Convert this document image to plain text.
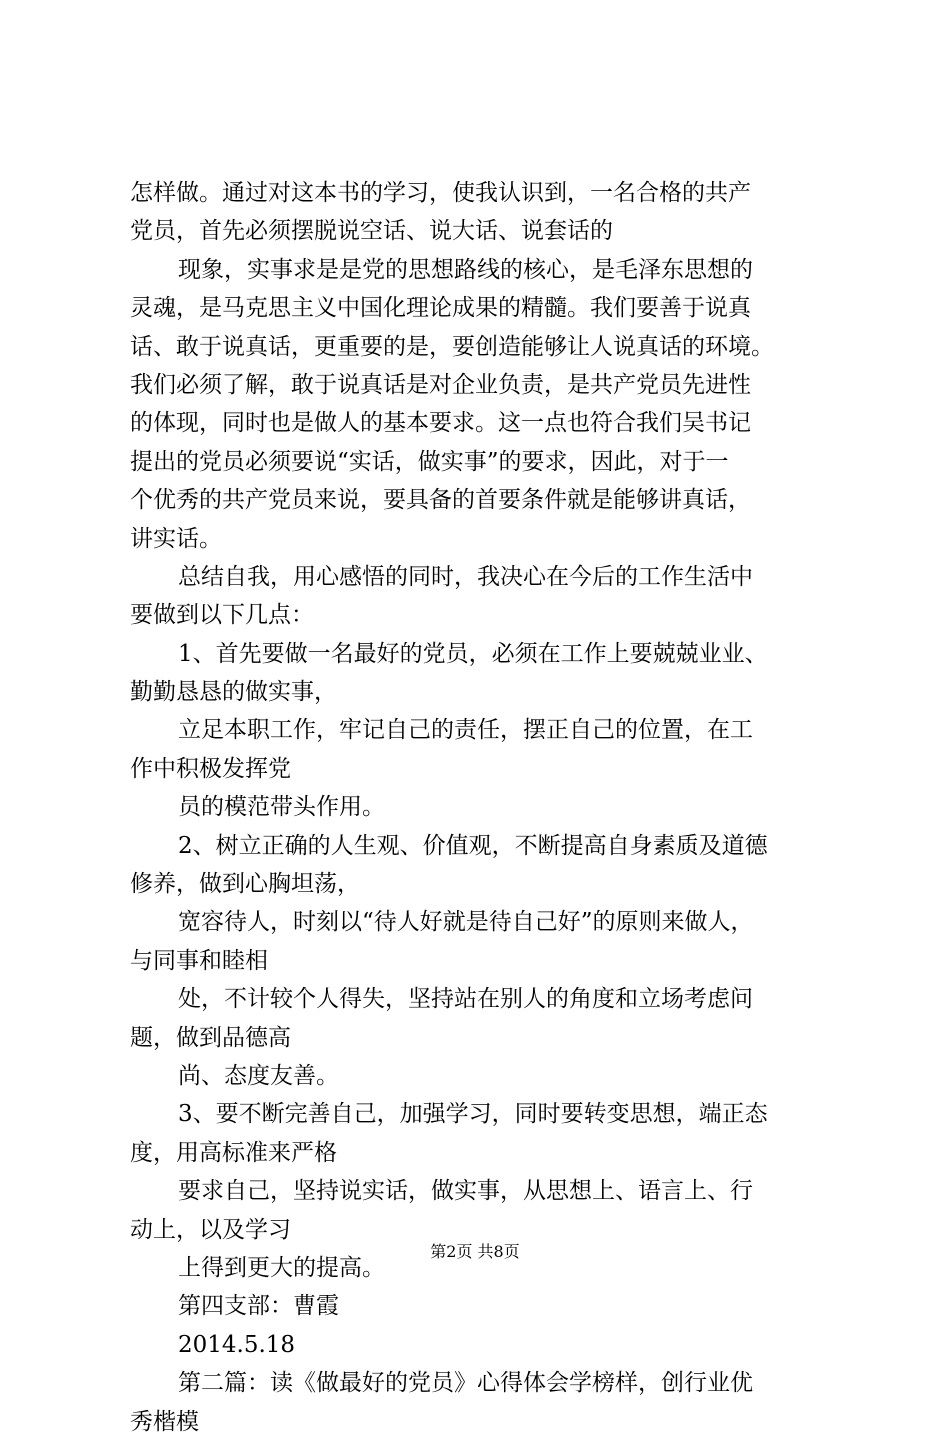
怎样做。通过对这本书的学习，使我认识到，一名合格的共产
党员，首先必须摆脱说空话、说大话、说套话的
现象，实事求是是党的思想路线的核心，是毛泽东思想的
灵魂，是马克思主义中国化理论成果的精髓。我们要善于说真
话、敢于说真话，更重要的是，要创造能够让人说真话的环境。
我们必须了解，敢于说真话是对企业负责，是共产党员先进性
的体现，同时也是做人的基本要求。这一点也符合我们吴书记
提出的党员必须要说“实话，做实事”的要求，因此，对于一
个优秀的共产党员来说，要具备的首要条件就是能够讲真话，
讲实话。
总结自我，用心感悟的同时，我决心在今后的工作生活中
要做到以下几点：
1、首先要做一名最好的党员，必须在工作上要兢兢业业、
勤勤恳恳的做实事，
立足本职工作，牢记自己的责任，摆正自己的位置，在工
作中积极发挥党
员的模范带头作用。
2、树立正确的人生观、价值观，不断提高自身素质及道德
修养，做到心胸坦荡，
宽容待人，时刻以“待人好就是待自己好”的原则来做人，
与同事和睦相
处，不计较个人得失，坚持站在别人的角度和立场考虑问
题，做到品德高
尚、态度友善。
3、要不断完善自己，加强学习，同时要转变思想，端正态
度，用高标准来严格
要求自己，坚持说实话，做实事，从思想上、语言上、行
动上，以及学习
上得到更大的提高。
第四支部：曹霞
2014.5.18
第二篇：读《做最好的党员》心得体会学榜样，创行业优
秀楷模
第2页 共8页
